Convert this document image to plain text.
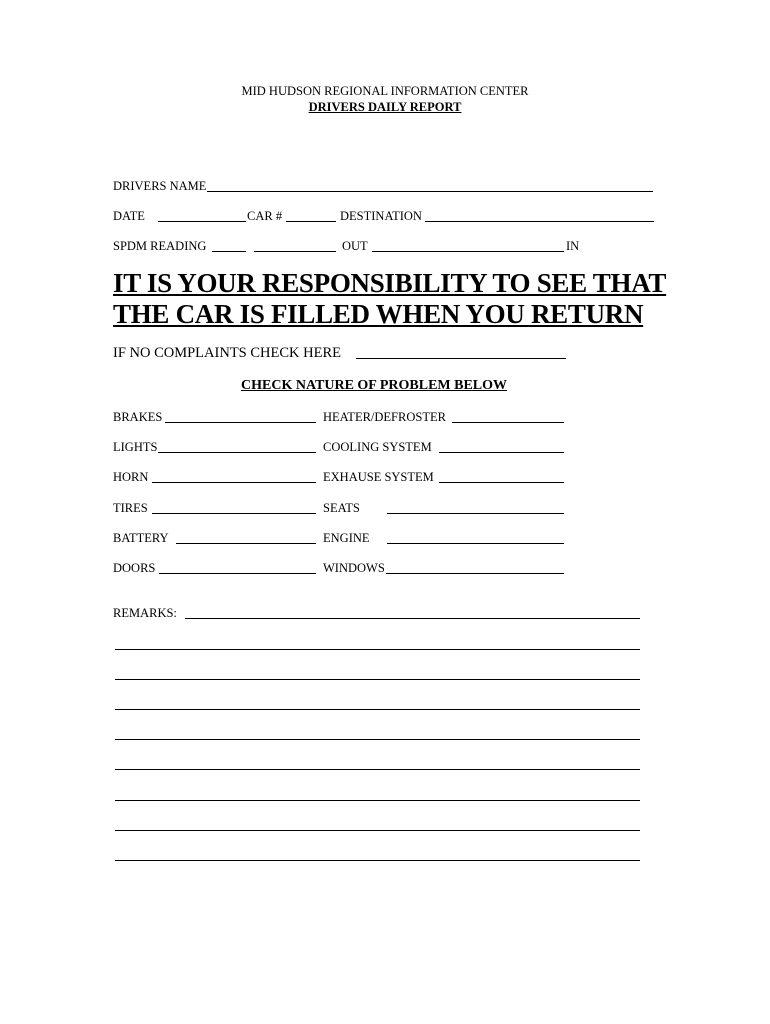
MID HUDSON REGIONAL INFORMATION CENTER
DRIVERS DAILY REPORT
DRIVERS NAME
DATE	CAR #	DESTINATION
SPDM READING	OUT	IN
IT IS YOUR RESPONSIBILITY TO SEE THAT
THE CAR IS FILLED WHEN YOU RETURN
IF NO COMPLAINTS CHECK HERE
CHECK NATURE OF PROBLEM BELOW
BRAKES	HEATER/DEFROSTER
LIGHTS	COOLING SYSTEM
HORN	EXHAUSE SYSTEM
TIRES	SEATS
BATTERY	ENGINE
DOORS	WINDOWS
REMARKS:
